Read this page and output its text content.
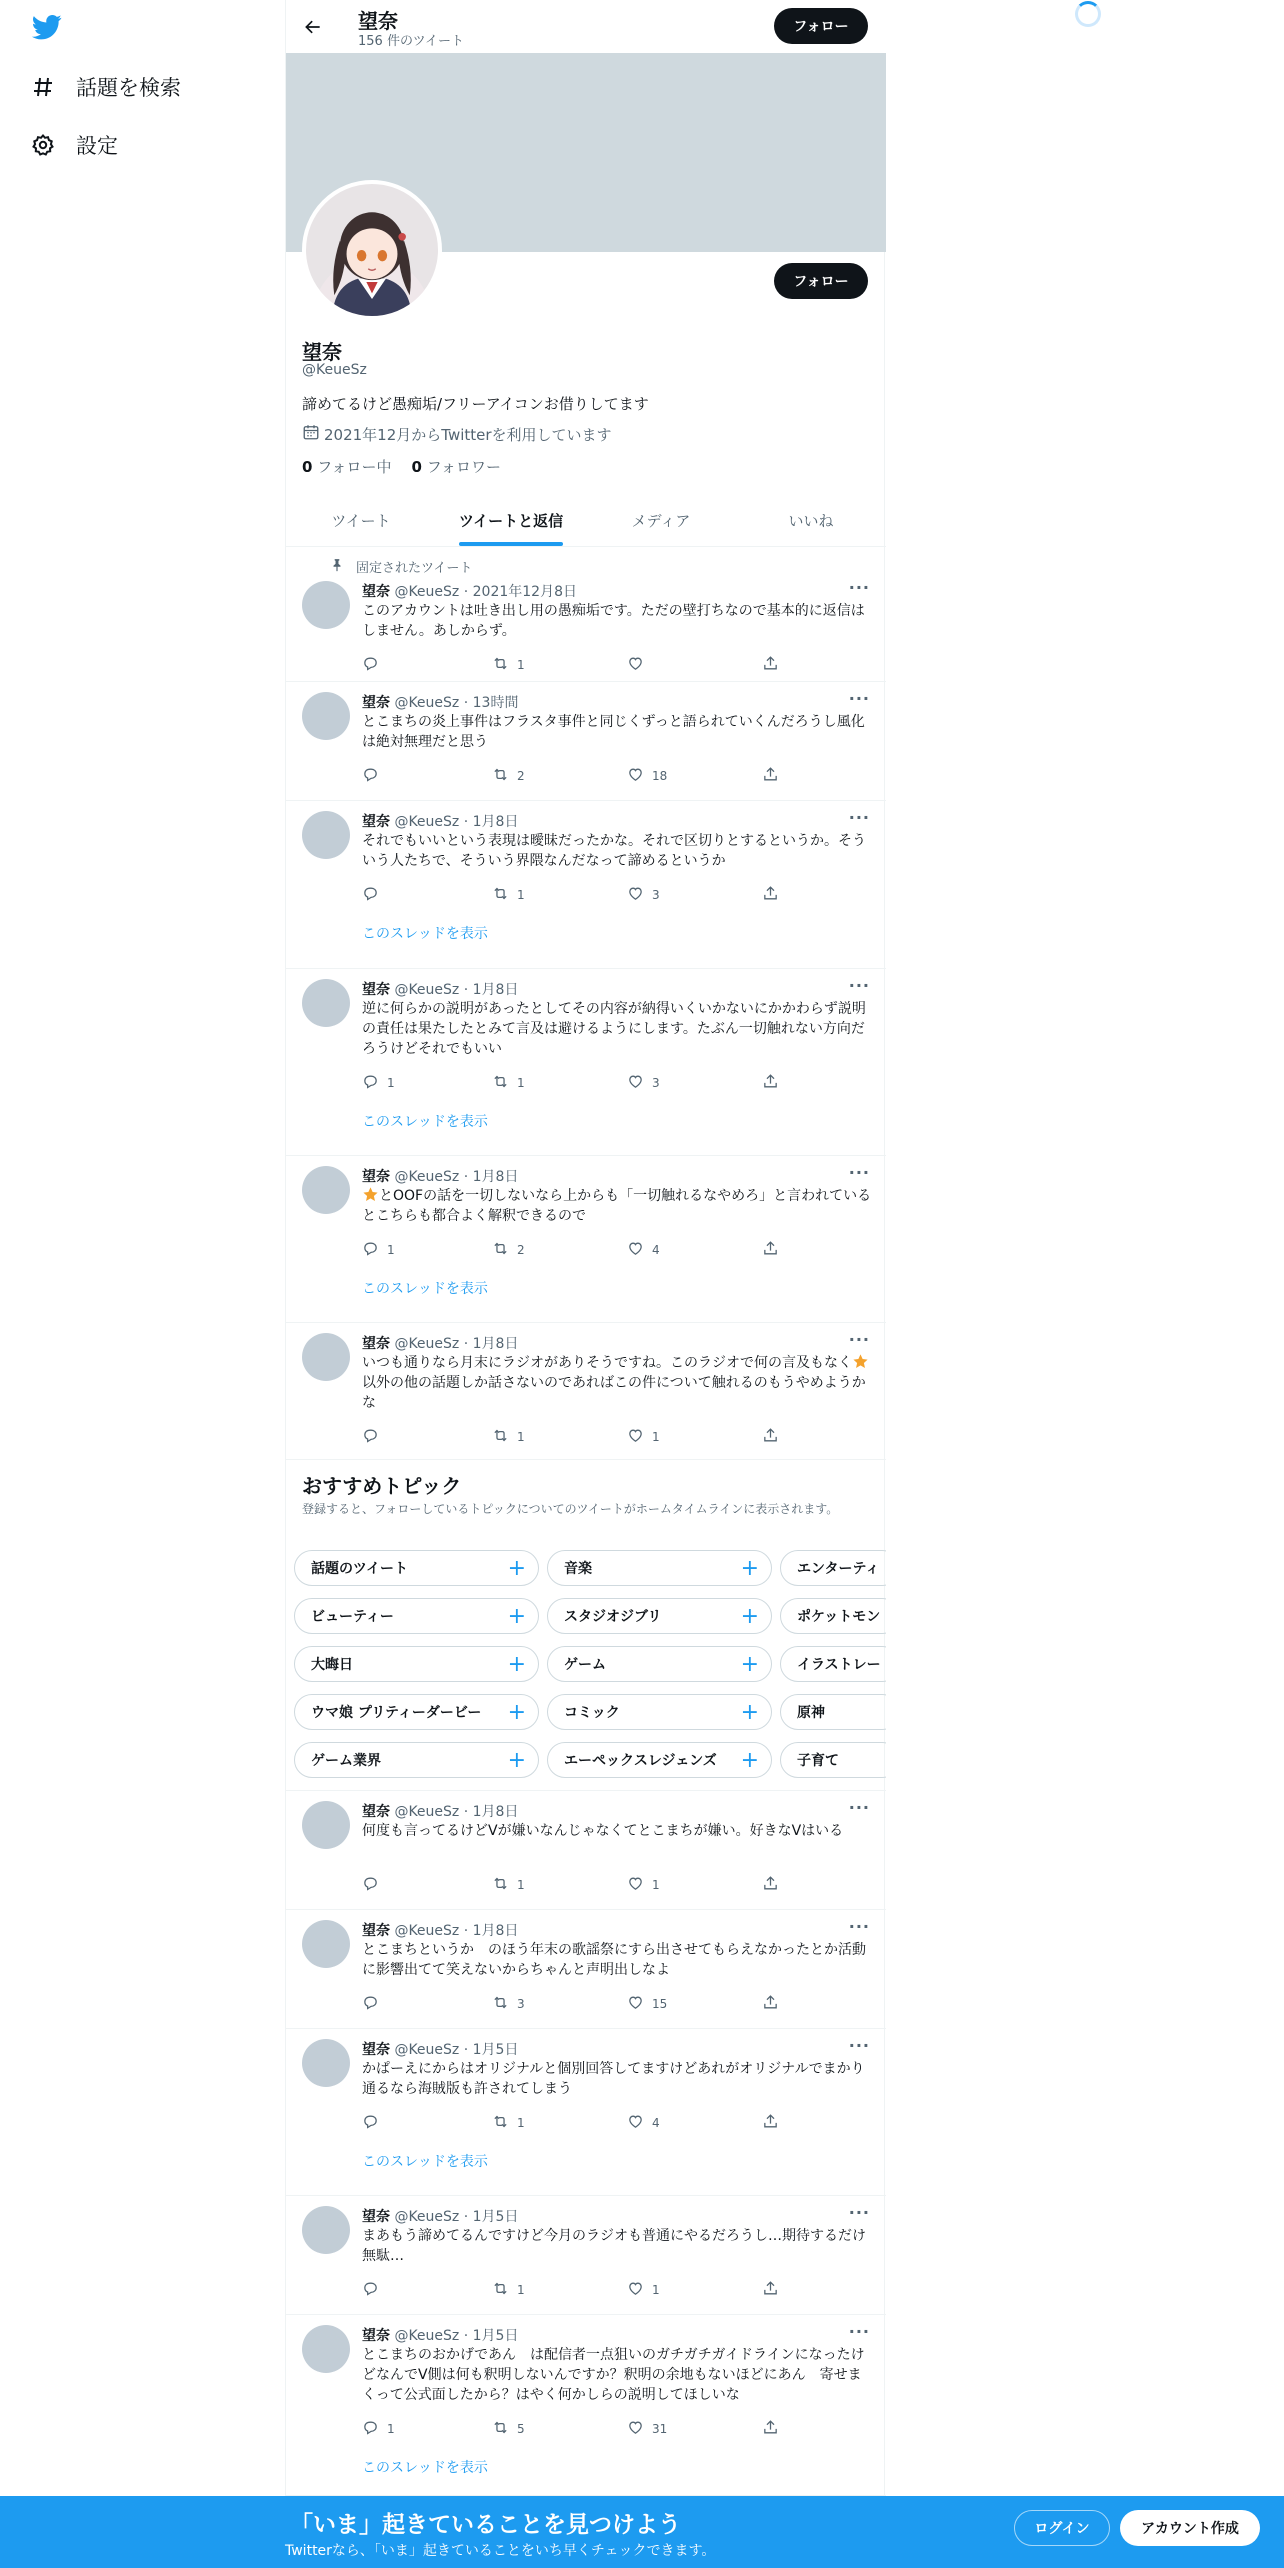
話題を検索
設定
望奈
156 件のツイート
フォロー
フォロー
望奈
@KeueSz
諦めてるけど愚痴垢/フリーアイコンお借りしてます
2021年12月からTwitterを利用しています
0 フォロー中 0 フォロワー
ツイート	ツイートと返信	メディア	いいね
固定されたツイート
望奈 @KeueSz · 2021年12月8日	···
このアカウントは吐き出し用の愚痴垢です。ただの壁打ちなので基本的に返信はしません。あしからず。
1
望奈 @KeueSz · 13時間	···
とこまちの炎上事件はフラスタ事件と同じくずっと語られていくんだろうし風化は絶対無理だと思う
2	18
望奈 @KeueSz · 1月8日	···
それでもいいという表現は曖昧だったかな。それで区切りとするというか。そういう人たちで、そういう界隈なんだなって諦めるというか
1	3
このスレッドを表示
望奈 @KeueSz · 1月8日	···
逆に何らかの説明があったとしてその内容が納得いくいかないにかかわらず説明の責任は果たしたとみて言及は避けるようにします。たぶん一切触れない方向だろうけどそれでもいい
1	1	3
このスレッドを表示
望奈 @KeueSz · 1月8日	···
とOOFの話を一切しないなら上からも「一切触れるなやめろ」と言われているとこちらも都合よく解釈できるので
1	2	4
このスレッドを表示
望奈 @KeueSz · 1月8日	···
いつも通りなら月末にラジオがありそうですね。このラジオで何の言及もなく以外の他の話題しか話さないのであればこの件について触れるのもうやめようかな
1	1
望奈 @KeueSz · 1月8日	···
何度も言ってるけどVが嫌いなんじゃなくてとこまちが嫌い。好きなVはいる
1	1
望奈 @KeueSz · 1月8日	···
とこまちというか　のほう年末の歌謡祭にすら出させてもらえなかったとか活動に影響出てて笑えないからちゃんと声明出しなよ
3	15
望奈 @KeueSz · 1月5日	···
かぱーえにからはオリジナルと個別回答してますけどあれがオリジナルでまかり通るなら海賊版も許されてしまう
1	4
このスレッドを表示
望奈 @KeueSz · 1月5日	···
まあもう諦めてるんですけど今月のラジオも普通にやるだろうし…期待するだけ無駄…
1	1
望奈 @KeueSz · 1月5日	···
とこまちのおかげであん　は配信者一点狙いのガチガチガイドラインになったけどなんでV側は何も釈明しないんですか？釈明の余地もないほどにあん　寄せまくって公式面したから？はやく何かしらの説明してほしいな
1	5	31
このスレッドを表示
おすすめトピック
登録すると、フォローしているトピックについてのツイートがホームタイムラインに表示されます。
話題のツイート	+	音楽	+	エンターティ
ビューティー	+	スタジオジブリ	+	ポケットモン
大晦日	+	ゲーム	+	イラストレー
ウマ娘 プリティーダービー +	コミック	+	原神
ゲーム業界	+	エーペックスレジェンズ +	子育て
「いま」起きていることを見つけよう
Twitterなら、「いま」起きていることをいち早くチェックできます。
ログイン	アカウント作成
